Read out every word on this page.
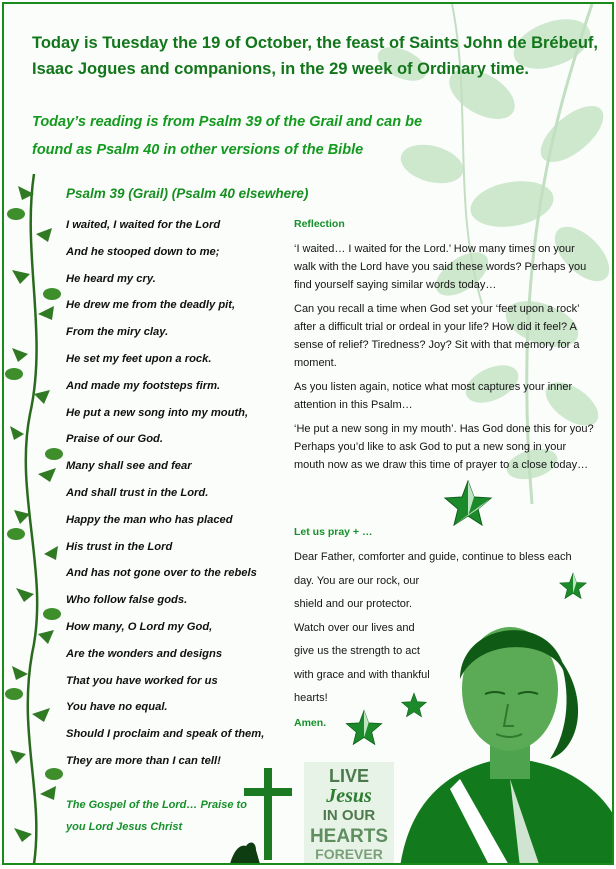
Today is Tuesday the 19 of October, the feast of Saints John de Brébeuf, Isaac Jogues and companions, in the 29 week of Ordinary time.

Today’s reading is from Psalm 39 of the Grail and can be found as Psalm 40 in other versions of the Bible

Psalm 39 (Grail) (Psalm 40 elsewhere)
I waited, I waited for the Lord
And he stooped down to me;
He heard my cry.
He drew me from the deadly pit,
From the miry clay.
He set my feet upon a rock.
And made my footsteps firm.
He put a new song into my mouth,
Praise of our God.
Many shall see and fear
And shall trust in the Lord.
Happy the man who has placed
His trust in the Lord
And has not gone over to the rebels
Who follow false gods.
How many, O Lord my God,
Are the wonders and designs
That you have worked for us
You have no equal.
Should I proclaim and speak of them,
They are more than I can tell!

The Gospel of the Lord… Praise to you Lord Jesus Christ

Reflection

‘I waited… I waited for the Lord.’ How many times on your walk with the Lord have you said these words? Perhaps you find yourself saying similar words today…

Can you recall a time when God set your ‘feet upon a rock’ after a difficult trial or ordeal in your life? How did it feel? A sense of relief? Tiredness? Joy? Sit with that memory for a moment.

As you listen again, notice what most captures your inner attention in this Psalm…

‘He put a new song in my mouth’. Has God done this for you? Perhaps you’d like to ask God to put a new song in your mouth now as we draw this time of prayer to a close today…

Let us pray + …

Dear Father, comforter and guide, continue to bless each

day. You are our rock, our

shield and our protector.

Watch over our lives and

give us the strength to act

with grace and with thankful

hearts!

Amen.

LIVE
Jesus
IN OUR
HEARTS
FOREVER
